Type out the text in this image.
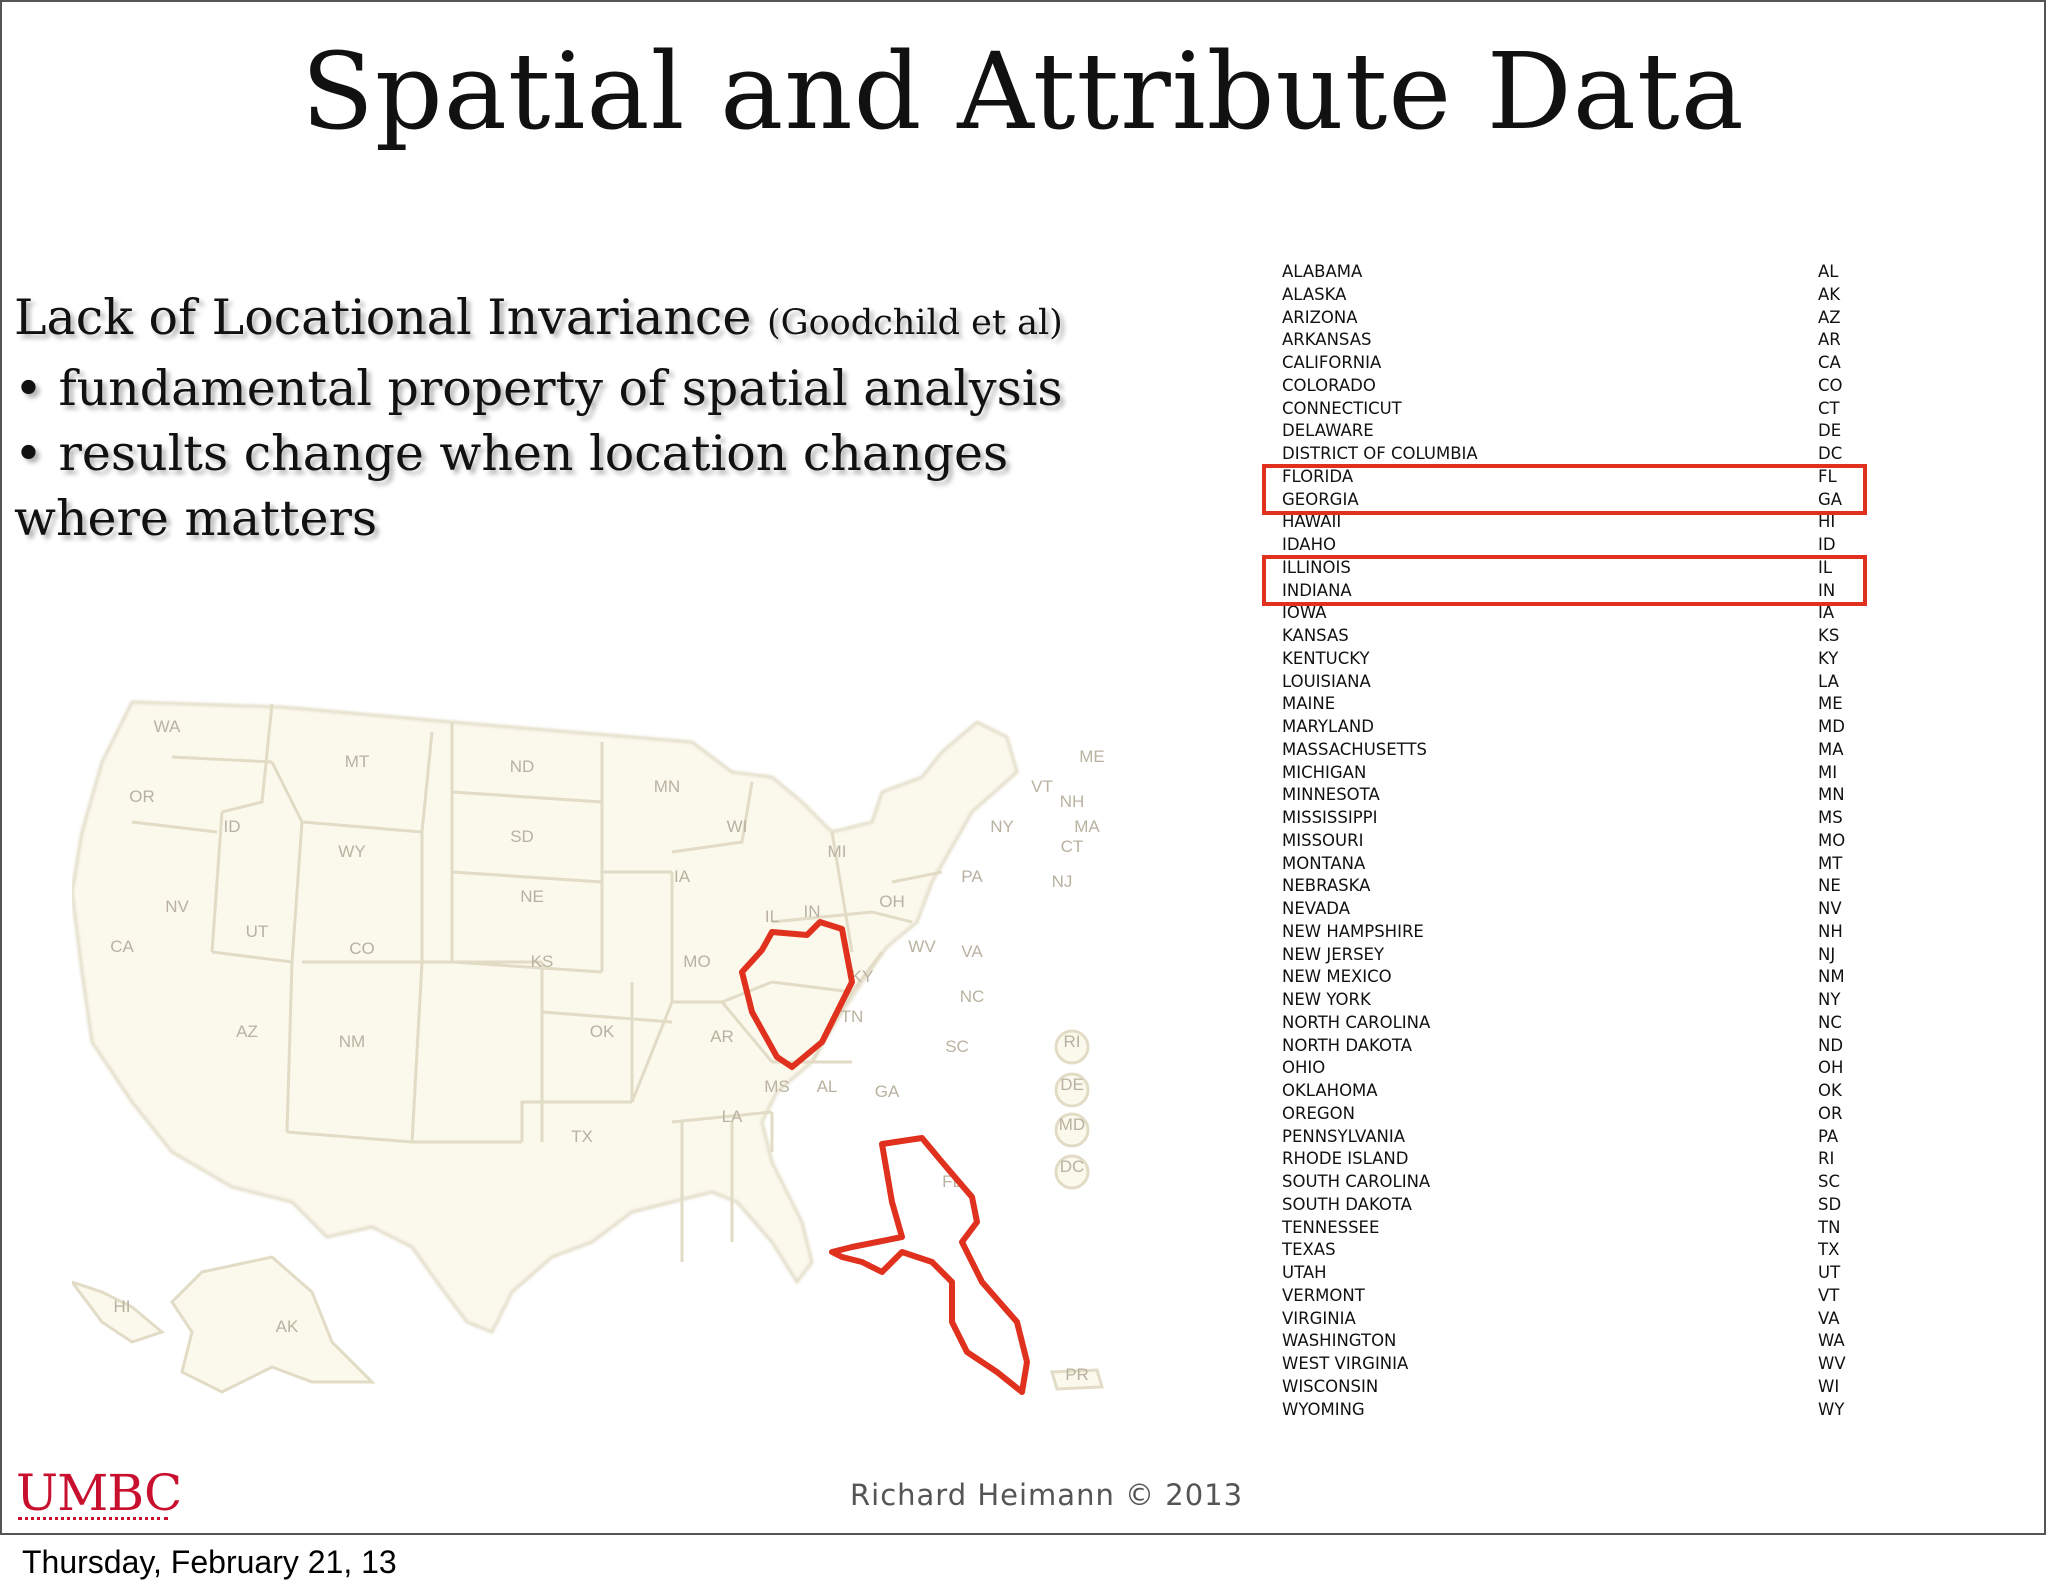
Spatial and Attribute Data
Lack of Locational Invariance (Goodchild et al)
• fundamental property of spatial analysis
• results change when location changes
where matters
WA
OR
CA
NV
ID
MT
WY
UT
AZ
CO
NM
ND
SD
NE
KS
OK
TX
MN
IA
MO
AR
LA
WI
IL IN
MI
OH
KY
TN
MS AL GA
FL
SC
NC
VA
WV
PA
NY
ME
VT
NH
MA
CT
NJ
RI
DE
MD
DC
AK
HI
PR
ALABAMA	AL
ALASKA	AK
ARIZONA	AZ
ARKANSAS	AR
CALIFORNIA	CA
COLORADO	CO
CONNECTICUT	CT
DELAWARE	DE
DISTRICT OF COLUMBIA	DC
FLORIDA	FL
GEORGIA	GA
HAWAII	HI
IDAHO	ID
ILLINOIS	IL
INDIANA	IN
IOWA	IA
KANSAS	KS
KENTUCKY	KY
LOUISIANA	LA
MAINE	ME
MARYLAND	MD
MASSACHUSETTS	MA
MICHIGAN	MI
MINNESOTA	MN
MISSISSIPPI	MS
MISSOURI	MO
MONTANA	MT
NEBRASKA	NE
NEVADA	NV
NEW HAMPSHIRE	NH
NEW JERSEY	NJ
NEW MEXICO	NM
NEW YORK	NY
NORTH CAROLINA	NC
NORTH DAKOTA	ND
OHIO	OH
OKLAHOMA	OK
OREGON	OR
PENNSYLVANIA	PA
RHODE ISLAND	RI
SOUTH CAROLINA	SC
SOUTH DAKOTA	SD
TENNESSEE	TN
TEXAS	TX
UTAH	UT
VERMONT	VT
VIRGINIA	VA
WASHINGTON	WA
WEST VIRGINIA	WV
WISCONSIN	WI
WYOMING	WY
UMBC	Richard Heimann © 2013
Thursday, February 21, 13
